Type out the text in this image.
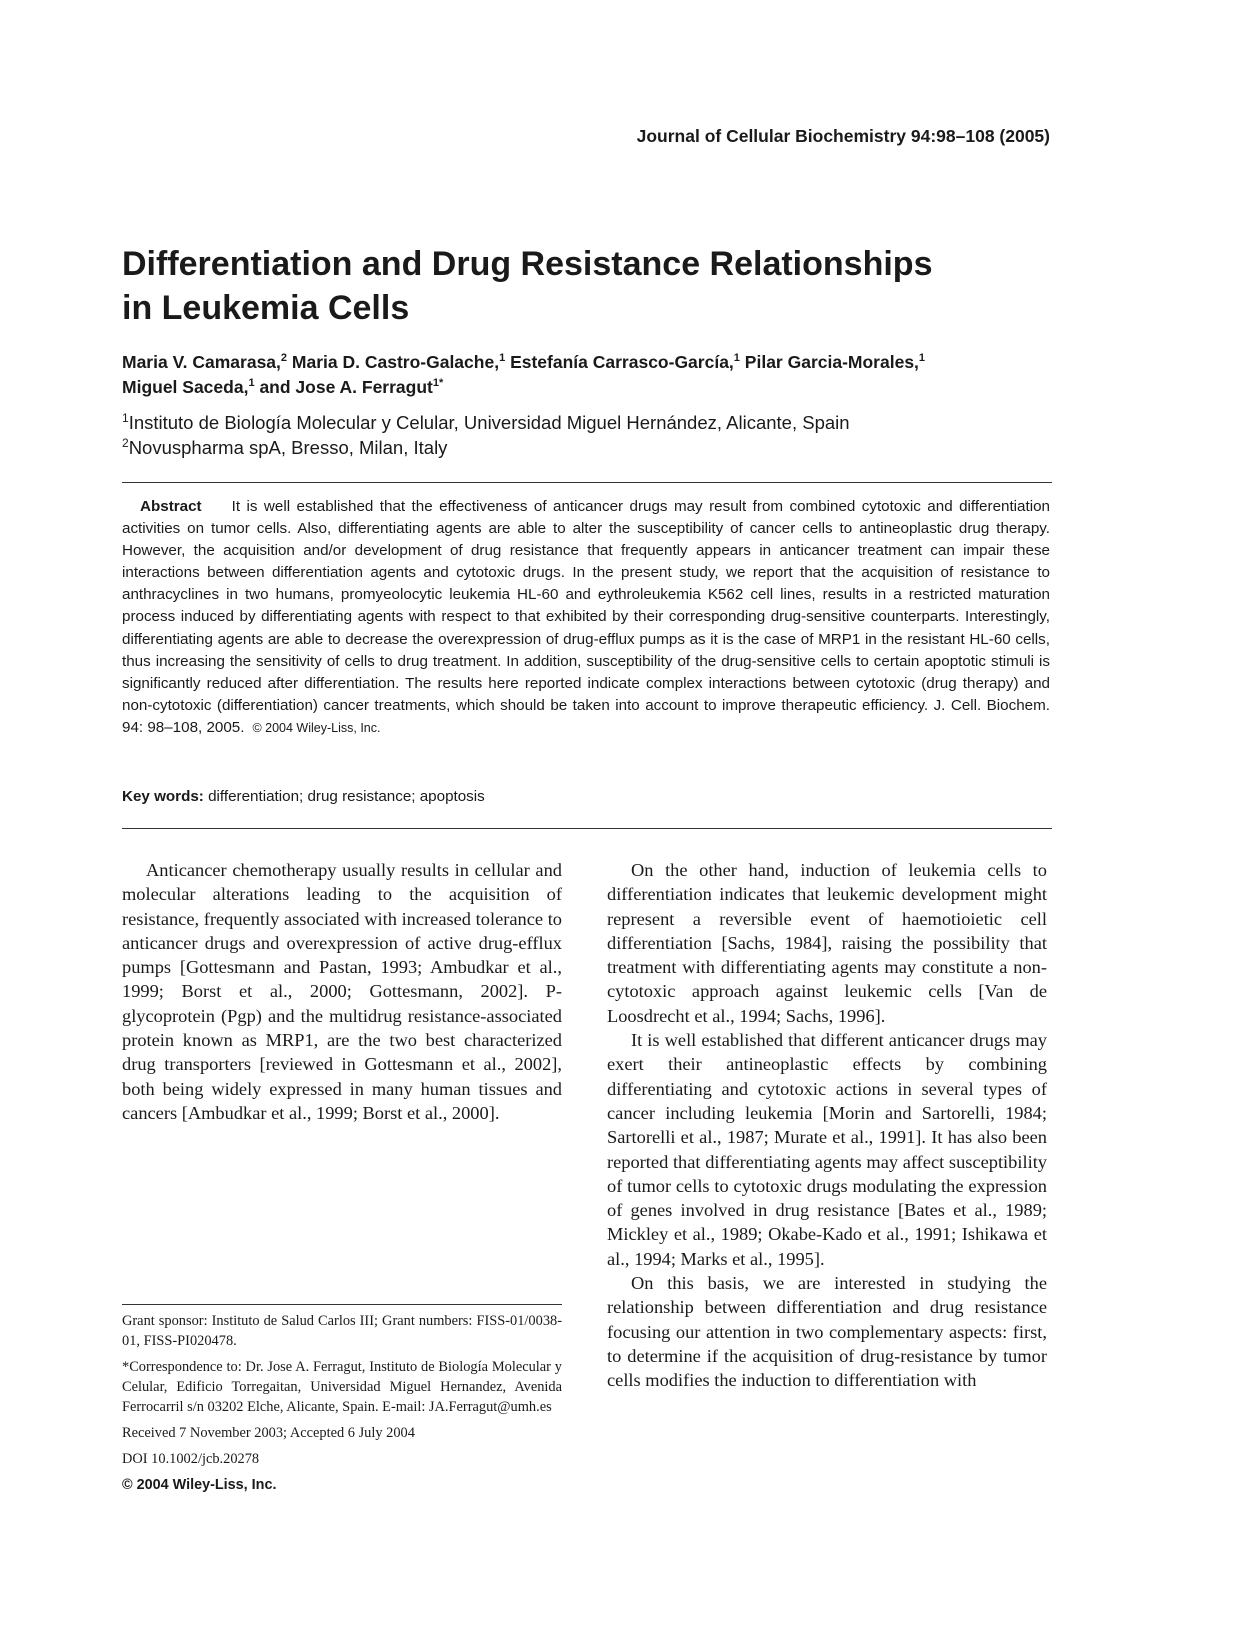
Journal of Cellular Biochemistry 94:98–108 (2005)
Differentiation and Drug Resistance Relationships
in Leukemia Cells
Maria V. Camarasa,$^2$ Maria D. Castro-Galache,$^1$ Estefanía Carrasco-García,$^1$ Pilar Garcia-Morales,$^1$
Miguel Saceda,$^1$ and Jose A. Ferragut$^{1*}$
$^1$Instituto de Biología Molecular y Celular, Universidad Miguel Hernández, Alicante, Spain
$^2$Novuspharma spA, Bresso, Milan, Italy
Abstract It is well established that the effectiveness of anticancer drugs may result from combined cytotoxic and differentiation activities on tumor cells. Also, differentiating agents are able to alter the susceptibility of cancer cells to antineoplastic drug therapy. However, the acquisition and/or development of drug resistance that frequently appears in anticancer treatment can impair these interactions between differentiation agents and cytotoxic drugs. In the present study, we report that the acquisition of resistance to anthracyclines in two humans, promyeolocytic leukemia HL-60 and eythroleukemia K562 cell lines, results in a restricted maturation process induced by differentiating agents with respect to that exhibited by their corresponding drug-sensitive counterparts. Interestingly, differentiating agents are able to decrease the overexpression of drug-efflux pumps as it is the case of MRP1 in the resistant HL-60 cells, thus increasing the sensitivity of cells to drug treatment. In addition, susceptibility of the drug-sensitive cells to certain apoptotic stimuli is significantly reduced after differentiation. The results here reported indicate complex interactions between cytotoxic (drug therapy) and non-cytotoxic (differentiation) cancer treatments, which should be taken into account to improve therapeutic efficiency. J. Cell. Biochem. 94: 98–108, 2005. © 2004 Wiley-Liss, Inc.
Key words: differentiation; drug resistance; apoptosis

Anticancer chemotherapy usually results in cellular and molecular alterations leading to the acquisition of resistance, frequently associated with increased tolerance to anticancer drugs and overexpression of active drug-efflux pumps [Gottesmann and Pastan, 1993; Ambudkar et al., 1999; Borst et al., 2000; Gottesmann, 2002]. P-glycoprotein (Pgp) and the multidrug resistance-associated protein known as MRP1, are the two best characterized drug transporters [reviewed in Gottesmann et al., 2002], both being widely expressed in many human tissues and cancers [Ambudkar et al., 1999; Borst et al., 2000].

On the other hand, induction of leukemia cells to differentiation indicates that leukemic development might represent a reversible event of haemotioietic cell differentiation [Sachs, 1984], raising the possibility that treatment with differentiating agents may constitute a non-cytotoxic approach against leukemic cells [Van de Loosdrecht et al., 1994; Sachs, 1996].

It is well established that different anticancer drugs may exert their antineoplastic effects by combining differentiating and cytotoxic actions in several types of cancer including leukemia [Morin and Sartorelli, 1984; Sartorelli et al., 1987; Murate et al., 1991]. It has also been reported that differentiating agents may affect susceptibility of tumor cells to cytotoxic drugs modulating the expression of genes involved in drug resistance [Bates et al., 1989; Mickley et al., 1989; Okabe-Kado et al., 1991; Ishikawa et al., 1994; Marks et al., 1995].

On this basis, we are interested in studying the relationship between differentiation and drug resistance focusing our attention in two complementary aspects: first, to determine if the acquisition of drug-resistance by tumor cells modifies the induction to differentiation with

Grant sponsor: Instituto de Salud Carlos III; Grant numbers: FISS-01/0038-01, FISS-PI020478.

*Correspondence to: Dr. Jose A. Ferragut, Instituto de Biología Molecular y Celular, Edificio Torregaitan, Universidad Miguel Hernandez, Avenida Ferrocarril s/n 03202 Elche, Alicante, Spain. E-mail: JA.Ferragut@umh.es

Received 7 November 2003; Accepted 6 July 2004

DOI 10.1002/jcb.20278

© 2004 Wiley-Liss, Inc.
